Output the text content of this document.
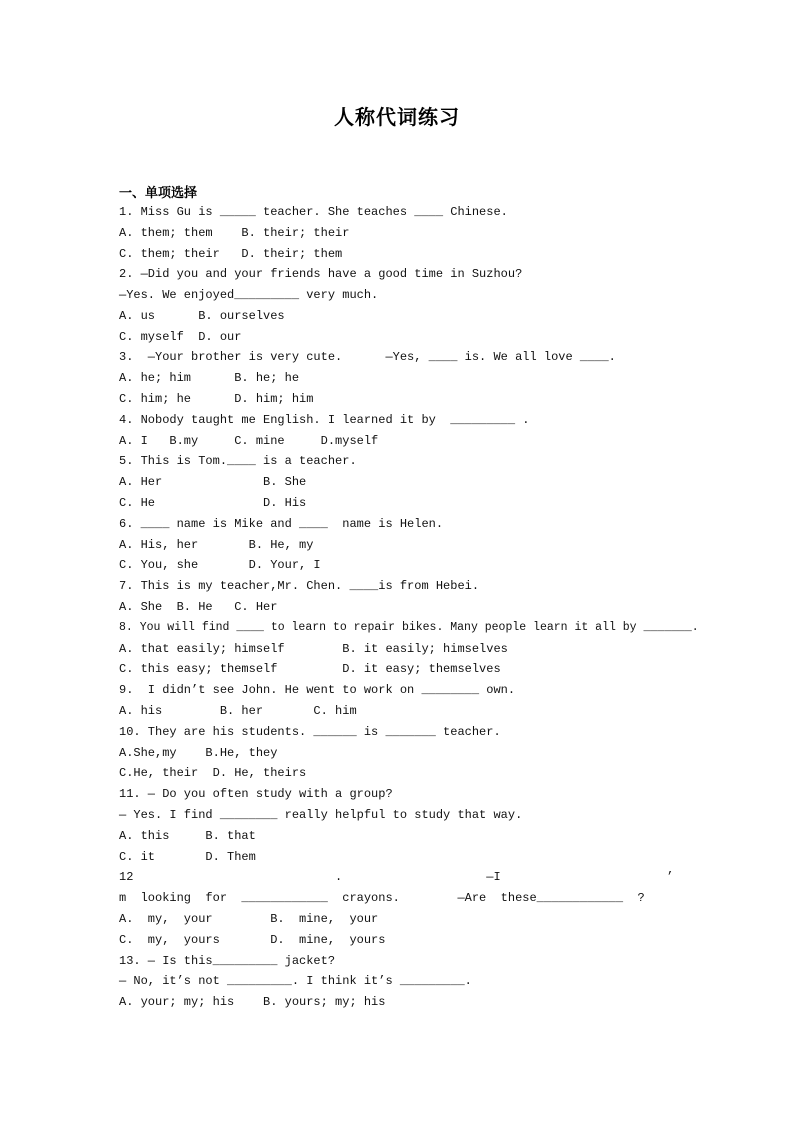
人称代词练习
一、单项选择
1. Miss Gu is _____ teacher. She teaches ____ Chinese.
A. them; them    B. their; their
C. them; their   D. their; them
2. —Did you and your friends have a good time in Suzhou?
—Yes. We enjoyed_________ very much.
A. us      B. ourselves
C. myself  D. our
3.  —Your brother is very cute.      —Yes, ____ is. We all love ____.
A. he; him      B. he; he
C. him; he      D. him; him
4. Nobody taught me English. I learned it by  _________ .
A. I   B.my     C. mine     D.myself
5. This is Tom.____ is a teacher.
A. Her              B. She
C. He               D. His
6. ____ name is Mike and ____  name is Helen.
A. His, her       B. He, my
C. You, she       D. Your, I
7. This is my teacher,Mr. Chen. ____is from Hebei.
A. She  B. He   C. Her
8. You will find ____ to learn to repair bikes. Many people learn it all by _______.
A. that easily; himself        B. it easily; himselves
C. this easy; themself         D. it easy; themselves
9.  I didn’t see John. He went to work on ________ own.
A. his        B. her       C. him
10. They are his students. ______ is _______ teacher.
A.She,my    B.He, they
C.He, their  D. He, theirs
11. — Do you often study with a group?
— Yes. I find ________ really helpful to study that way.
A. this     B. that
C. it       D. Them
12                            .                    —I                       ’
m  looking  for  ____________  crayons.        —Are  these____________  ?
A.  my,  your        B.  mine,  your
C.  my,  yours       D.  mine,  yours
13. — Is this_________ jacket?
— No, it’s not _________. I think it’s _________.
A. your; my; his    B. yours; my; his
